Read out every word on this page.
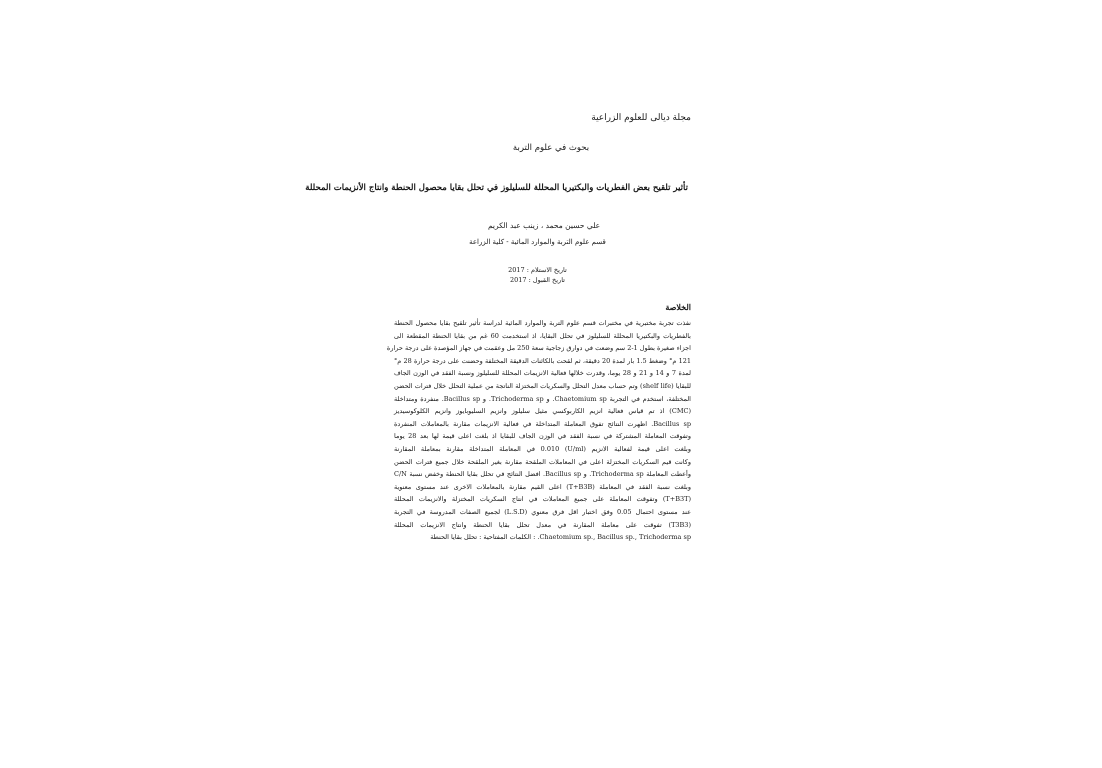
مجلة ديالى للعلوم الزراعية
بحوث في علوم التربة
تأثير تلقيح بعض الفطريات والبكتيريا المحللة للسليلوز في تحلل بقايا محصول الحنطة وانتاج الأنزيمات المحللة
علي حسين محمد ، زينب عبد الكريم
قسم علوم التربة والموارد المائية - كلية الزراعة
تاريخ الاستلام : 2017
تاريخ القبول : 2017
الخلاصة
نفذت تجربة مختبرية في مختبرات قسم علوم التربة والموارد المائية لدراسة تأثير تلقيح بقايا محصول الحنطة
بالفطريات والبكتيريا المحللة للسليلوز في تحلل البقايا، اذ استخدمت 60 غم من بقايا الحنطة المقطعة الى
اجزاء صغيرة بطول 1-2 سم وضعت في دوارق زجاجية سعة 250 مل وعقمت في جهاز المؤصدة على درجة حرارة
121 م° وضغط 1.5 بار لمدة 20 دقيقة، ثم لقحت بالكائنات الدقيقة المختلفة وحضنت على درجة حرارة 28 م°
لمدة 7 و 14 و 21 و 28 يوما، وقدرت خلالها فعالية الانزيمات المحللة للسليلوز ونسبة الفقد في الوزن الجاف
للبقايا (shelf life) وتم حساب معدل التحلل والسكريات المختزلة الناتجة من عملية التحلل خلال فترات الحضن
المختلفة، استخدم في التجربة Chaetomium sp. و Trichoderma sp. و Bacillus sp. منفردة ومتداخلة
(CMC) اذ تم قياس فعالية انزيم الكاربوكسي مثيل سليلوز وانزيم السليوبايوز وانزيم الكلوكوسيديز
Bacillus sp. اظهرت النتائج تفوق المعاملة المتداخلة في فعالية الانزيمات مقارنة بالمعاملات المنفردة
وتفوقت المعاملة المشتركة في نسبة الفقد في الوزن الجاف للبقايا اذ بلغت اعلى قيمة لها بعد 28 يوما
وبلغت اعلى قيمة لفعالية الانزيم (U/ml) 0.010 في المعاملة المتداخلة مقارنة بمعاملة المقارنة
وكانت قيم السكريات المختزلة اعلى في المعاملات الملقحة مقارنة بغير الملقحة خلال جميع فترات الحضن
وأعطت المعاملة Trichoderma sp. و Bacillus sp. افضل النتائج في تحلل بقايا الحنطة وخفض نسبة C/N
وبلغت نسبة الفقد في المعاملة (T+B3B) اعلى القيم مقارنة بالمعاملات الاخرى عند مستوى معنوية
(T+B3T) وتفوقت المعاملة على جميع المعاملات في انتاج السكريات المختزلة والانزيمات المحللة
عند مستوى احتمال 0.05 وفق اختبار اقل فرق معنوي (L.S.D) لجميع الصفات المدروسة في التجربة
(T3B3) تفوقت على معاملة المقارنة في معدل تحلل بقايا الحنطة وانتاج الانزيمات المحللة
Chaetomium sp., Bacillus sp., Trichoderma sp. : الكلمات المفتاحية : تحلل بقايا الحنطة
